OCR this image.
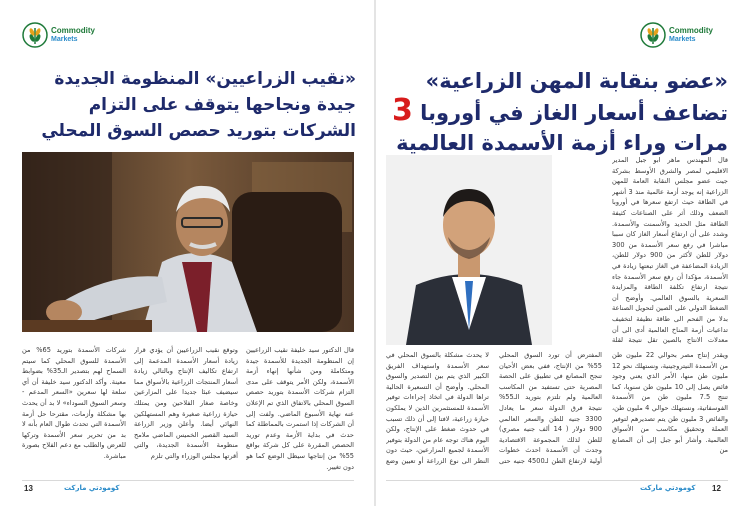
Commodity
Markets
«نقيب الزراعيين» المنظومة الجديدة جيدة ونجاحها يتوقف على التزام الشركات بتوريد حصص السوق المحلي

شركات الأسمدة بتوريد 65% من الأسمدة للسوق المحلي كما سيتم السماح لهم بتصدير الـ35% بضوابط معينة. وأكد الدكتور سيد خليفة أن أي سلعة لها سعرين «السعر المدعم - وسعر السوق السوداء» لا بد أن يحدث بها مشكلة وأزمات، مقترحا حل أزمة الأسمدة التي تحدث طوال العام بأنه لا بد من تحرير سعر الأسمدة وتركها للعرض والطلب مع دعم الفلاح بصورة مباشرة.

وتوقع نقيب الزراعيين أن يؤدي قرار زيادة أسعار الأسمدة المدعمة إلى ارتفاع تكاليف الإنتاج وبالتالي زيادة أسعار المنتجات الزراعية بالأسواق مما سيضيف عبئا جديدا على المزارعين وخاصة صغار الفلاحين ومن يمتلك حيازة زراعية صغيرة وهم المستهلكين النهائي أيضا. وأعلن وزير الزراعة السيد القصير الخميس الماضي ملامح منظومة الأسمدة الجديدة، والتي أقرتها مجلس الوزراء والتي تلزم

قال الدكتور سيد خليفة نقيب الزراعيين إن المنظومة الجديدة للأسمدة جيدة ومتكاملة ومن شأنها إنهاء أزمة الأسمدة، ولكن الأمر يتوقف على مدى التزام شركات الأسمدة بتوريد حصص السوق المحلي بالاتفاق الذي تم الإعلان عنه نهاية الأسبوع الماضي. ولفت إلى أن الشركات إذا استمرت بالمماطلة كما حدث في بداية الأزمة وعدم توريد الحصص المقررة على كل شركة بواقع 55% من إنتاجها سيظل الوضع كما هو دون تغيير.

13	كومودتي ماركت
Commodity
Markets
«عضو بنقابة المهن الزراعية» تضاعف أسعار الغاز في أوروبا 3 مرات وراء أزمة الأسمدة العالمية

قال المهندس ماهر ابو جبل المدير الاقليمي لمصر والشرق الأوسط بشركة جيت عضو مجلس النقابة العامة للمهن الزراعية إنه يوجد أزمة عالمية منذ 3 أشهر في الطاقة حيث ارتفع سعرها في أوروبا الضعف وذلك أثر على الصناعات كثيفة الطاقة مثل الحديد والأسمنت والأسمدة. وشدد على أن ارتفاع أسعار الغاز كان سببا مباشرا في رفع سعر الأسمدة من 300 دولار للطن لأكثر من 900 دولار للطن، الزيادة المضاعفة في الغاز تبعتها زيادة في الأسمدة، مؤكدا أن رفع سعر الأسمدة جاء نتيجة ارتفاع تكلفة الطاقة والمزايدة السعرية بالسوق العالمي. وأوضح أن الضغط الدولي على الصين لتحويل الصناعة بدلا من الفحم الى طاقة نظيفة لتخفيف تداعيات أزمة المناخ العالمية أدى الى أن معدلات الانتاج بالصين تقل نتيجة لقلة

ويقدر إنتاج مصر بحوالي 22 مليون طن من الأسمدة النيتروجينية، ونستهلك نحو 12 مليون طن منها، الأمر الذي يعني وجود فائض يصل إلى 10 مليون طن سنويا، كما تنتج 7.5 مليون طن من الأسمدة الفوسفاتية، ونستهلك حوالي 4 مليون طن، والفائض 3 مليون طن يتم تصديرهم لتوفير العملة وتحقيق مكاسب من الأسواق العالمية. وأشار أبو جبل إلى أن المصانع من

المفترض أن تورد السوق المحلي 55% من الإنتاج، ففي بعض الأحيان تنجح المصانع في تطبيق على الحصة المصرية حتى تستفيد من المكاسب العالمية ولم تلتزم بتوريد الـ55% نتيجة فرق الدولة سعر ما يعادل 3300 جنيه للطن والسعر العالمي 900 دولار ( 14 ألف جنيه مصري) للطن لذلك المجموعة الاقتصادية وجدت أن الأسمدة احدث خطوات أولية لارتفاع الطن لـ4500 جنيه حتى لا يحدث مشكلة بالسوق المحلي في سعر الأسمدة واستهداف الفريق الكبير الذي يتم بين التصدير والسوق المحلي. وأوضح أن التسعيرة الحالية تراها الدولة في اتخاذ إجراءات توفير الأسمدة للمستثمرين الذين لا يملكون حيازة زراعية، لافتا إلى أن ذلك تسبب في حدوث ضغط على الإنتاج، ولكن اليوم هناك توجه عام من الدولة بتوفير الأسمدة لجميع المزارعين، حيث دون النظر الى نوع الزراعة أو تعيين وضع

كومودتي ماركت 12
